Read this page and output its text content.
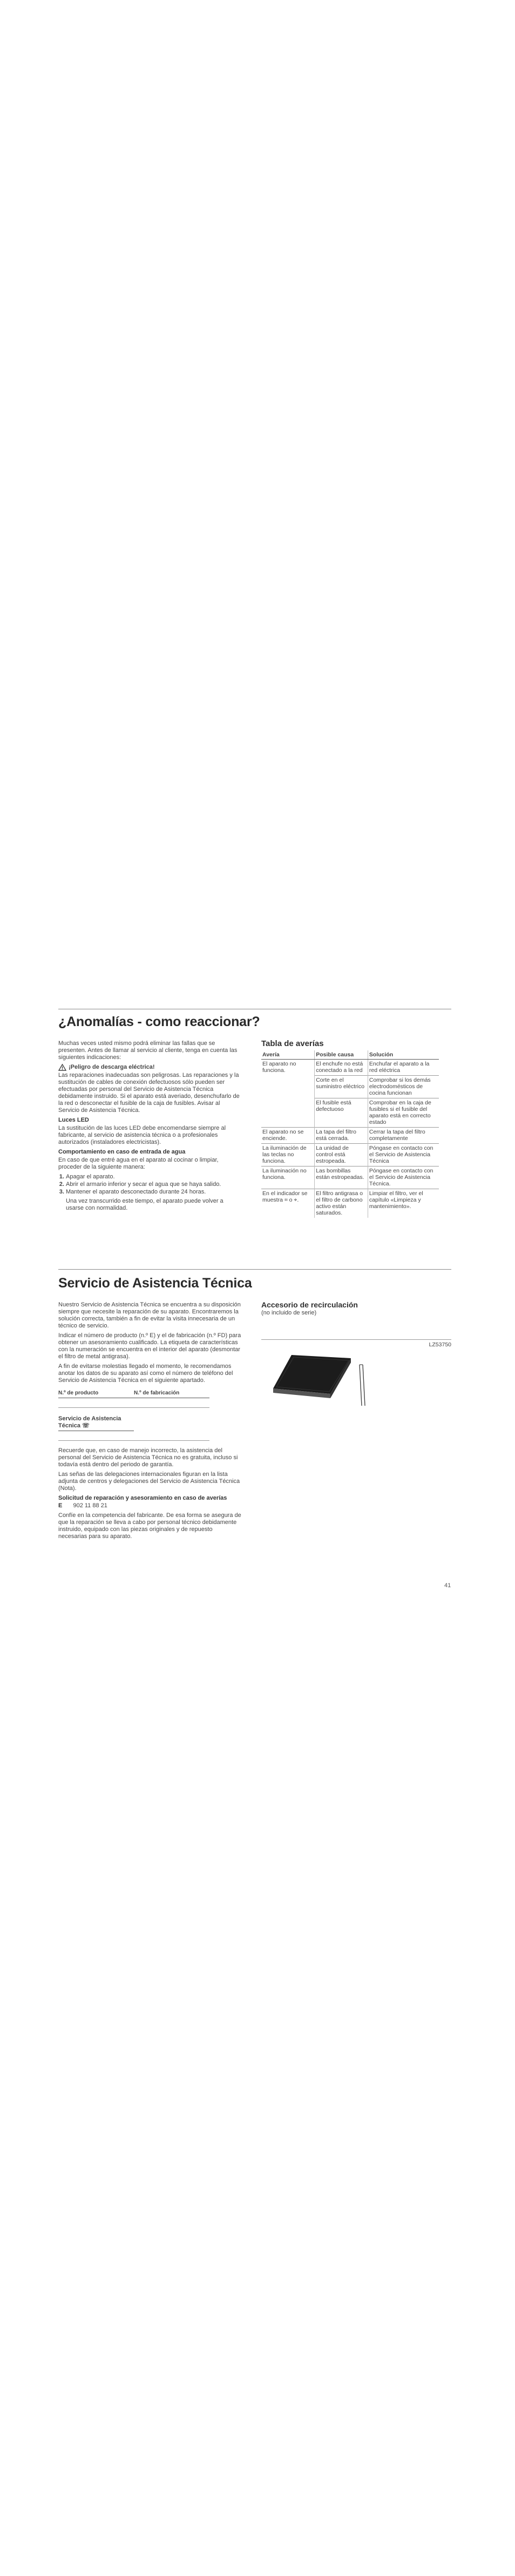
¿Anomalías - como reaccionar?

Muchas veces usted mismo podrá eliminar las fallas que se presenten. Antes de llamar al servicio al cliente, tenga en cuenta las siguientes indicaciones:

¡Peligro de descarga eléctrica!

Las reparaciones inadecuadas son peligrosas. Las reparaciones y la sustitución de cables de conexión defectuosos sólo pueden ser efectuadas por personal del Servicio de Asistencia Técnica debidamente instruido. Si el aparato está averiado, desenchufarlo de la red o desconectar el fusible de la caja de fusibles. Avisar al Servicio de Asistencia Técnica.

Luces LED

La sustitución de las luces LED debe encomendarse siempre al fabricante, al servicio de asistencia técnica o a profesionales autorizados (instaladores electricistas).

Comportamiento en caso de entrada de agua

En caso de que entré agua en el aparato al cocinar o limpiar, proceder de la siguiente manera:

1. Apagar el aparato.
2. Abrir el armario inferior y secar el agua que se haya salido.
3. Mantener el aparato desconectado durante 24 horas.

Una vez transcurrido este tiempo, el aparato puede volver a usarse con normalidad.

Tabla de averías
Avería	Posible causa	Solución
El aparato no funciona.	El enchufe no está conectado a la red	Enchufar el aparato a la red eléctrica
	Corte en el suministro eléctrico	Comprobar si los demás electrodomésticos de cocina funcionan
	El fusible está defectuoso	Comprobar en la caja de fusibles si el fusible del aparato está en correcto estado
El aparato no se enciende.	La tapa del filtro está cerrada.	Cerrar la tapa del filtro completamente
La iluminación de las teclas no funciona.	La unidad de control está estropeada.	Póngase en contacto con el Servicio de Asistencia Técnica
La iluminación no funciona.	Las bombillas están estropeadas.	Póngase en contacto con el Servicio de Asistencia Técnica.
En el indicador se muestra ⌗ o ⌖.	El filtro antigrasa o el filtro de carbono activo están saturados.	Limpiar el filtro, ver el capítulo «Limpieza y mantenimiento».
Servicio de Asistencia Técnica

Nuestro Servicio de Asistencia Técnica se encuentra a su disposición siempre que necesite la reparación de su aparato. Encontraremos la solución correcta, también a fin de evitar la visita innecesaria de un técnico de servicio.

Indicar el número de producto (n.º E) y el de fabricación (n.º FD) para obtener un asesoramiento cualificado. La etiqueta de características con la numeración se encuentra en el interior del aparato (desmontar el filtro de metal antigrasa).

A fin de evitarse molestias llegado el momento, le recomendamos anotar los datos de su aparato así como el número de teléfono del Servicio de Asistencia Técnica en el siguiente apartado.

N.º de producto	N.º de fabricación
Servicio de Asistencia Técnica ☏

Recuerde que, en caso de manejo incorrecto, la asistencia del personal del Servicio de Asistencia Técnica no es gratuita, incluso si todavía está dentro del periodo de garantía.

Las señas de las delegaciones internacionales figuran en la lista adjunta de centros y delegaciones del Servicio de Asistencia Técnica (Nota).

Solicitud de reparación y asesoramiento en caso de averías

E 902 11 88 21

Confíe en la competencia del fabricante. De esa forma se asegura de que la reparación se lleva a cabo por personal técnico debidamente instruido, equipado con las piezas originales y de repuesto necesarias para su aparato.

Accesorio de recirculación

(no incluido de serie)

LZ53750
41
